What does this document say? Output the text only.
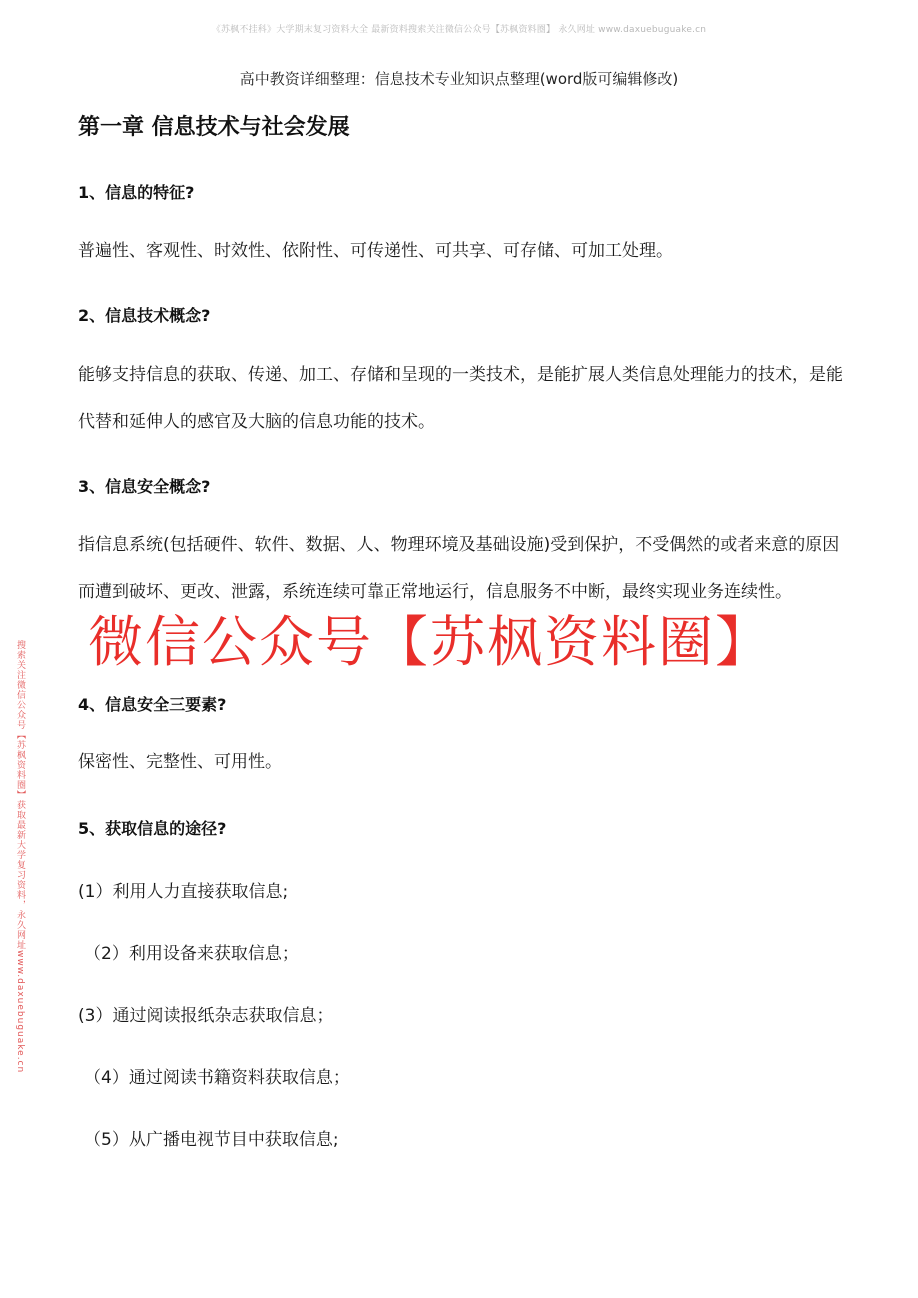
《苏枫不挂科》大学期末复习资料大全 最新资料搜索关注微信公众号【苏枫资料圈】 永久网址 www.daxuebuguake.cn
高中教资详细整理：信息技术专业知识点整理(word版可编辑修改)
第一章 信息技术与社会发展
1、信息的特征?
普遍性、客观性、时效性、依附性、可传递性、可共享、可存储、可加工处理。
2、信息技术概念?
能够支持信息的获取、传递、加工、存储和呈现的一类技术，是能扩展人类信息处理能力的技术，是能代替和延伸人的感官及大脑的信息功能的技术。
3、信息安全概念?
指信息系统(包括硬件、软件、数据、人、物理环境及基础设施)受到保护，不受偶然的或者来意的原因而遭到破坏、更改、泄露，系统连续可靠正常地运行，信息服务不中断，最终实现业务连续性。
4、信息安全三要素?
保密性、完整性、可用性。
5、获取信息的途径?
(1）利用人力直接获取信息;
（2）利用设备来获取信息；
(3）通过阅读报纸杂志获取信息；
（4）通过阅读书籍资料获取信息；
（5）从广播电视节目中获取信息;
微信公众号【苏枫资料圈】
搜索关注微信公众号【苏枫资料圈】获取最新大学复习资料，永久网址www.daxuebuguake.cn
